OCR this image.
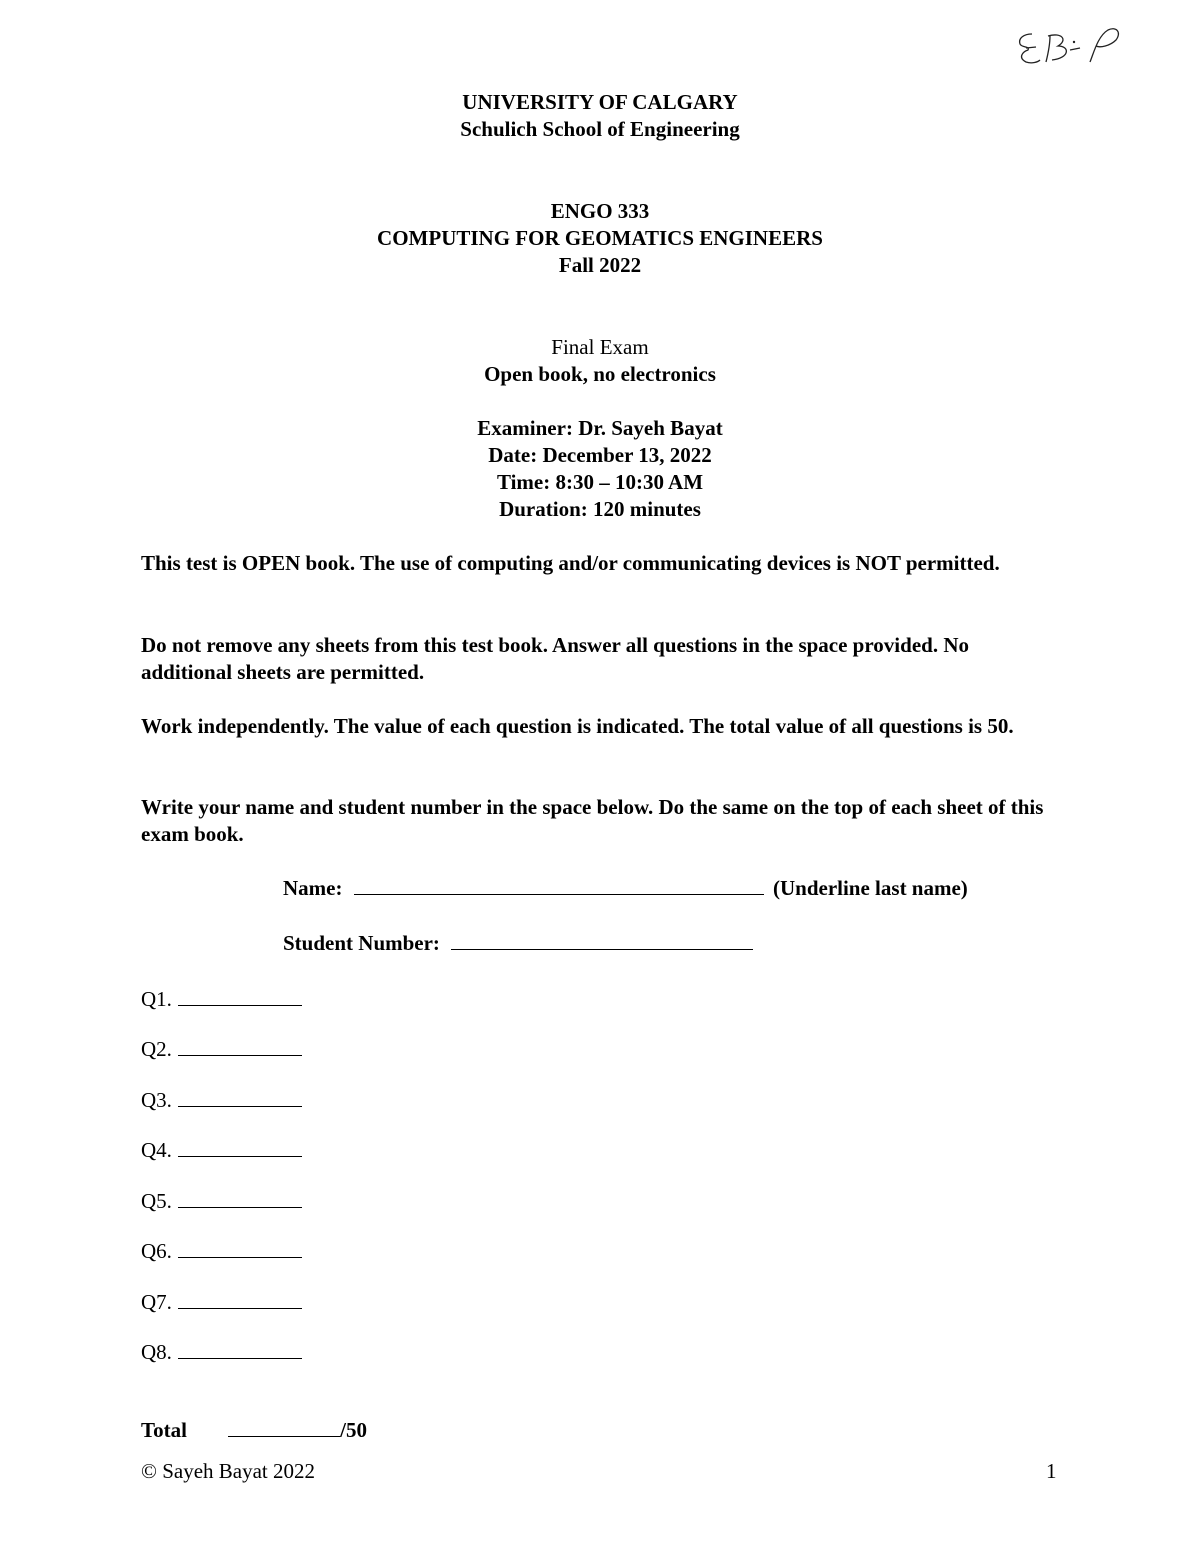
UNIVERSITY OF CALGARY
Schulich School of Engineering
ENGO 333
COMPUTING FOR GEOMATICS ENGINEERS
Fall 2022
Final Exam
Open book, no electronics
Examiner: Dr. Sayeh Bayat
Date: December 13, 2022
Time: 8:30 – 10:30 AM
Duration: 120 minutes
This test is OPEN book. The use of computing and/or communicating devices is NOT permitted.
Do not remove any sheets from this test book. Answer all questions in the space provided. No additional sheets are permitted.
Work independently. The value of each question is indicated. The total value of all questions is 50.
Write your name and student number in the space below. Do the same on the top of each sheet of this exam book.
Name:	(Underline last name)
Student Number:
Q1.
Q2.
Q3.
Q4.
Q5.
Q6.
Q7.
Q8.
Total	/50
© Sayeh Bayat 2022	1
